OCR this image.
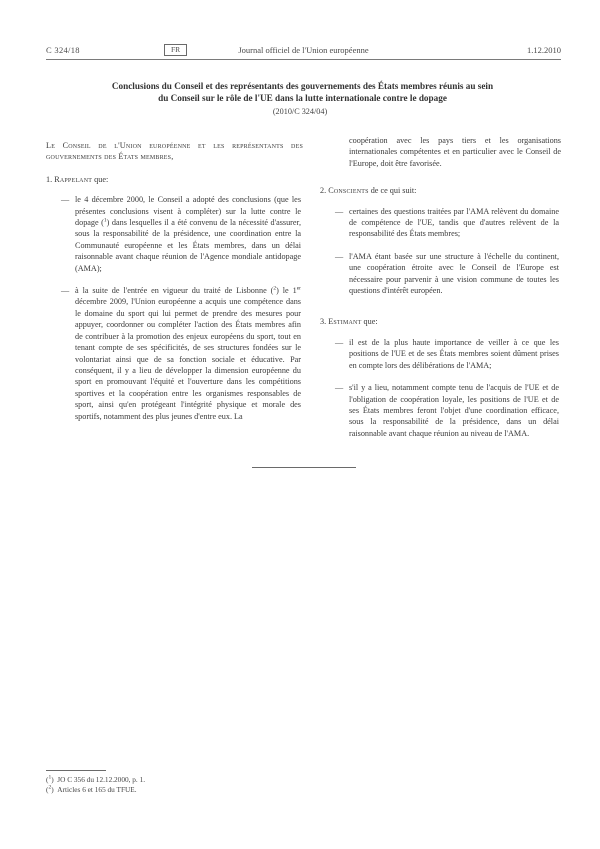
C 324/18	FR	Journal officiel de l'Union européenne	1.12.2010
Conclusions du Conseil et des représentants des gouvernements des États membres réunis au sein
du Conseil sur le rôle de l'UE dans la lutte internationale contre le dopage
(2010/C 324/04)

Le Conseil de l'Union européenne et les représentants des gouvernements des États membres,

1. Rappelant que:
— le 4 décembre 2000, le Conseil a adopté des conclusions (que les présentes conclusions visent à compléter) sur la lutte contre le dopage ($^1$) dans lesquelles il a été convenu de la nécessité d'assurer, sous la responsabilité de la présidence, une coordination entre la Communauté européenne et les États membres, dans un délai raisonnable avant chaque réunion de l'Agence mondiale antidopage (AMA);
— à la suite de l'entrée en vigueur du traité de Lisbonne ($^2$) le 1er décembre 2009, l'Union européenne a acquis une compétence dans le domaine du sport qui lui permet de prendre des mesures pour appuyer, coordonner ou compléter l'action des États membres afin de contribuer à la promotion des enjeux européens du sport, tout en tenant compte de ses spécificités, de ses structures fondées sur le volontariat ainsi que de sa fonction sociale et éducative. Par conséquent, il y a lieu de développer la dimension européenne du sport en promouvant l'équité et l'ouverture dans les compétitions sportives et la coopération entre les organismes responsables de sport, ainsi qu'en protégeant l'intégrité physique et morale des sportifs, notamment des plus jeunes d'entre eux. La

coopération avec les pays tiers et les organisations internationales compétentes et en particulier avec le Conseil de l'Europe, doit être favorisée.

2. Conscients de ce qui suit:
— certaines des questions traitées par l'AMA relèvent du domaine de compétence de l'UE, tandis que d'autres relèvent de la responsabilité des États membres;
— l'AMA étant basée sur une structure à l'échelle du continent, une coopération étroite avec le Conseil de l'Europe est nécessaire pour parvenir à une vision commune de toutes les questions d'intérêt européen.
3. Estimant que:
— il est de la plus haute importance de veiller à ce que les positions de l'UE et de ses États membres soient dûment prises en compte lors des délibérations de l'AMA;
— s'il y a lieu, notamment compte tenu de l'acquis de l'UE et de l'obligation de coopération loyale, les positions de l'UE et de ses États membres feront l'objet d'une coordination efficace, sous la responsabilité de la présidence, dans un délai raisonnable avant chaque réunion au niveau de l'AMA.
($^1$)  JO C 356 du 12.12.2000, p. 1.
($^2$)  Articles 6 et 165 du TFUE.
